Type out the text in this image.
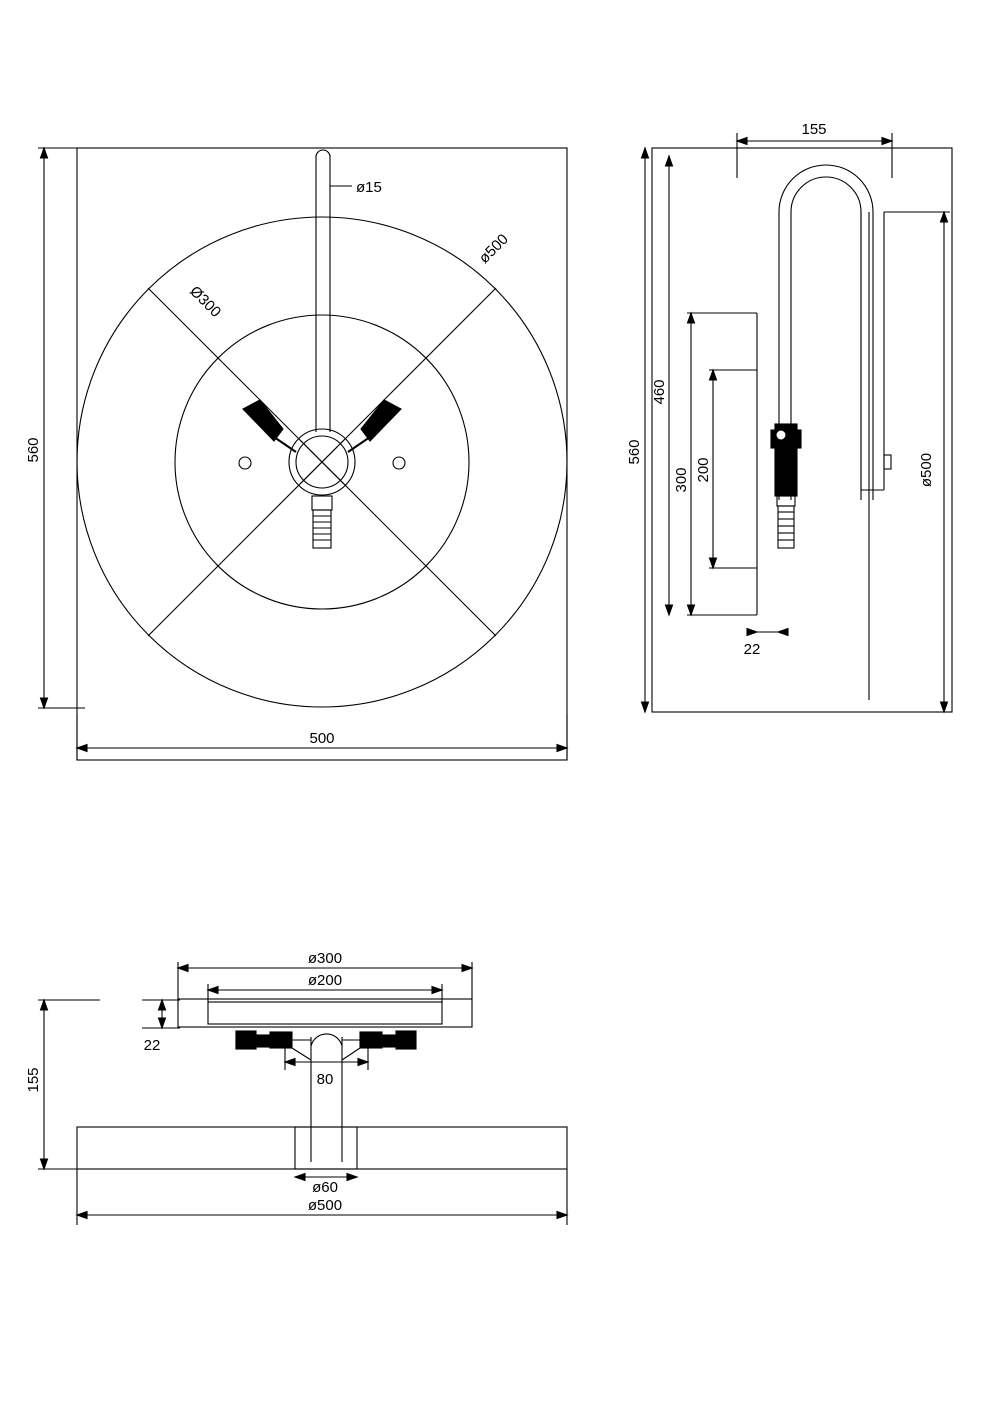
560
500
ø15
ø500
Ø300
155
560
460
300 200
22
ø500
ø300
ø200
22
155	80
ø60
ø500
